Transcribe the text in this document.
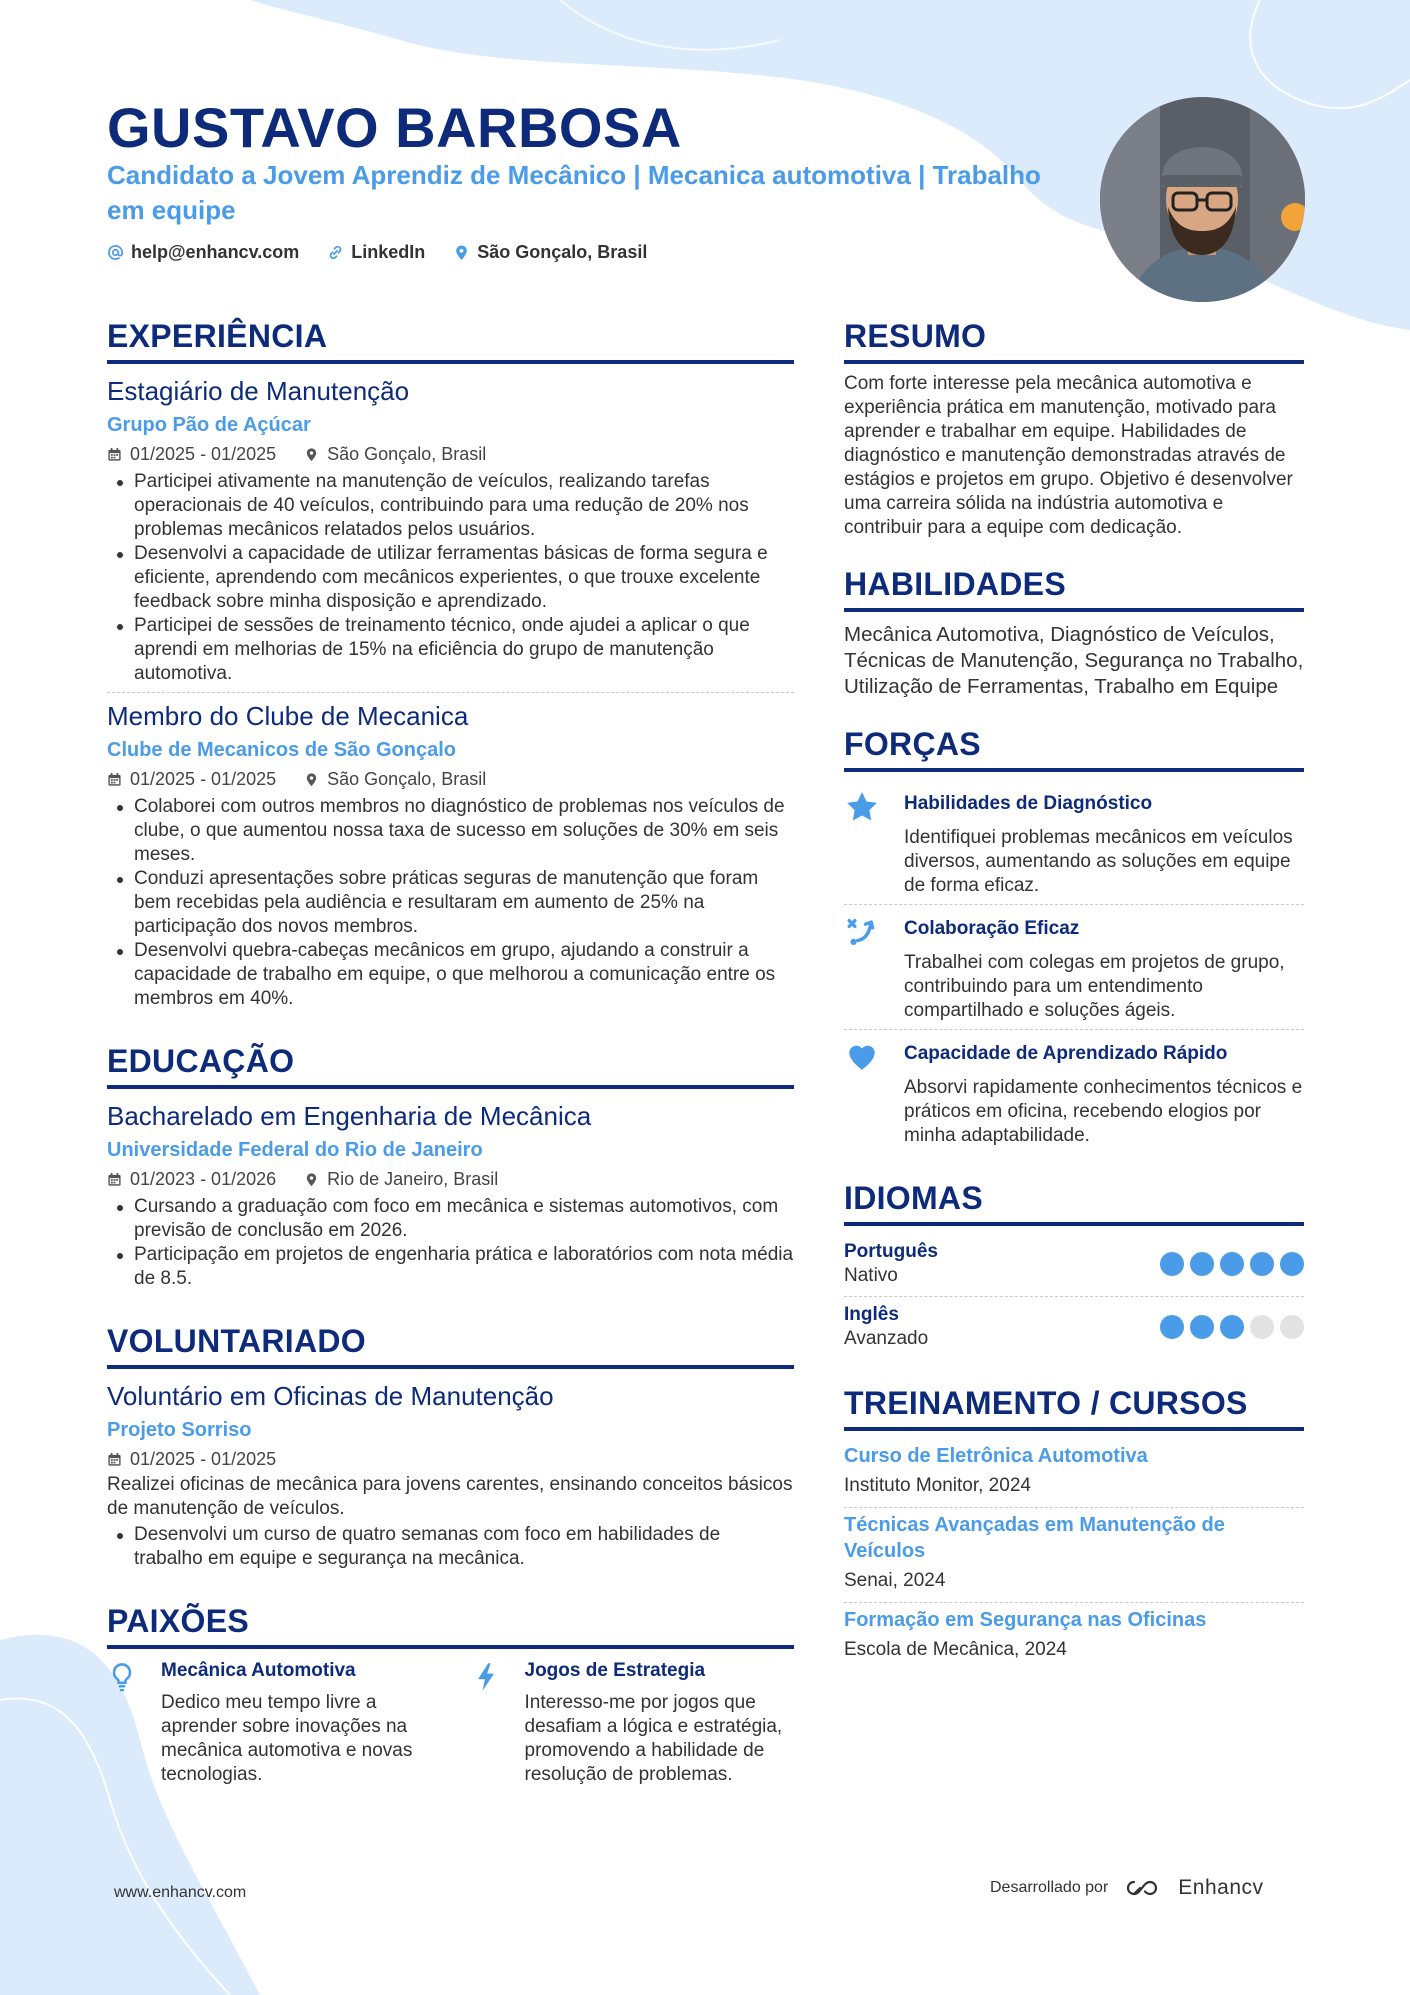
GUSTAVO BARBOSA
Candidato a Jovem Aprendiz de Mecânico | Mecanica automotiva | Trabalho em equipe
help@enhancv.com	LinkedIn	São Gonçalo, Brasil
EXPERIÊNCIA
Estagiário de Manutenção
Grupo Pão de Açúcar
01/2025 - 01/2025	São Gonçalo, Brasil
Participei ativamente na manutenção de veículos, realizando tarefas operacionais de 40 veículos, contribuindo para uma redução de 20% nos problemas mecânicos relatados pelos usuários.
Desenvolvi a capacidade de utilizar ferramentas básicas de forma segura e eficiente, aprendendo com mecânicos experientes, o que trouxe excelente feedback sobre minha disposição e aprendizado.
Participei de sessões de treinamento técnico, onde ajudei a aplicar o que aprendi em melhorias de 15% na eficiência do grupo de manutenção automotiva.
Membro do Clube de Mecanica
Clube de Mecanicos de São Gonçalo
01/2025 - 01/2025	São Gonçalo, Brasil
Colaborei com outros membros no diagnóstico de problemas nos veículos de clube, o que aumentou nossa taxa de sucesso em soluções de 30% em seis meses.
Conduzi apresentações sobre práticas seguras de manutenção que foram bem recebidas pela audiência e resultaram em aumento de 25% na participação dos novos membros.
Desenvolvi quebra-cabeças mecânicos em grupo, ajudando a construir a capacidade de trabalho em equipe, o que melhorou a comunicação entre os membros em 40%.
EDUCAÇÃO
Bacharelado em Engenharia de Mecânica
Universidade Federal do Rio de Janeiro
01/2023 - 01/2026	Rio de Janeiro, Brasil
Cursando a graduação com foco em mecânica e sistemas automotivos, com previsão de conclusão em 2026.
Participação em projetos de engenharia prática e laboratórios com nota média de 8.5.
VOLUNTARIADO
Voluntário em Oficinas de Manutenção
Projeto Sorriso
01/2025 - 01/2025
Realizei oficinas de mecânica para jovens carentes, ensinando conceitos básicos de manutenção de veículos.
Desenvolvi um curso de quatro semanas com foco em habilidades de trabalho em equipe e segurança na mecânica.
PAIXÕES
Mecânica Automotiva
Dedico meu tempo livre a aprender sobre inovações na mecânica automotiva e novas tecnologias.
Jogos de Estrategia
Interesso-me por jogos que desafiam a lógica e estratégia, promovendo a habilidade de resolução de problemas.
RESUMO
Com forte interesse pela mecânica automotiva e experiência prática em manutenção, motivado para aprender e trabalhar em equipe. Habilidades de diagnóstico e manutenção demonstradas através de estágios e projetos em grupo. Objetivo é desenvolver uma carreira sólida na indústria automotiva e contribuir para a equipe com dedicação.
HABILIDADES
Mecânica Automotiva, Diagnóstico de Veículos, Técnicas de Manutenção, Segurança no Trabalho, Utilização de Ferramentas, Trabalho em Equipe
FORÇAS
Habilidades de Diagnóstico
Identifiquei problemas mecânicos em veículos diversos, aumentando as soluções em equipe de forma eficaz.
Colaboração Eficaz
Trabalhei com colegas em projetos de grupo, contribuindo para um entendimento compartilhado e soluções ágeis.
Capacidade de Aprendizado Rápido
Absorvi rapidamente conhecimentos técnicos e práticos em oficina, recebendo elogios por minha adaptabilidade.
IDIOMAS
Português
Nativo
Inglês
Avanzado
TREINAMENTO / CURSOS
Curso de Eletrônica Automotiva
Instituto Monitor, 2024
Técnicas Avançadas em Manutenção de Veículos
Senai, 2024
Formação em Segurança nas Oficinas
Escola de Mecânica, 2024
www.enhancv.com	Desarrollado por	Enhancv
